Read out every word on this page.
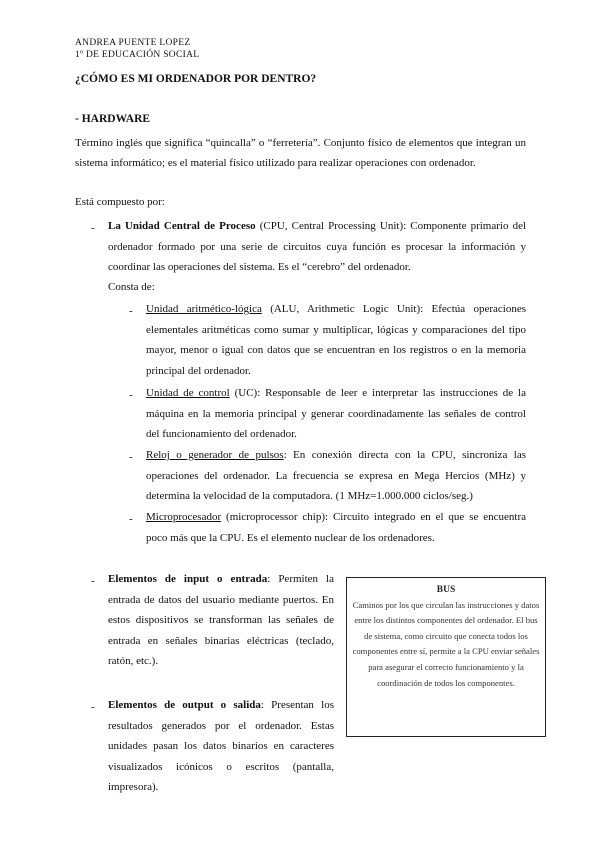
ANDREA PUENTE LOPEZ
1º DE EDUCACIÓN SOCIAL
¿CÓMO ES MI ORDENADOR POR DENTRO?
- HARDWARE
Término inglés que significa “quincalla” o “ferretería”. Conjunto físico de elementos que integran un sistema informático; es el material físico utilizado para realizar operaciones con ordenador.
Está compuesto por:
- La Unidad Central de Proceso (CPU, Central Processing Unit): Componente primario del ordenador formado por una serie de circuitos cuya función es procesar la información y coordinar las operaciones del sistema. Es el “cerebro” del ordenador.
Consta de:
- Unidad aritmético-lógica (ALU, Arithmetic Logic Unit): Efectúa operaciones elementales aritméticas como sumar y multiplicar, lógicas y comparaciones del tipo mayor, menor o igual con datos que se encuentran en los registros o en la memoria principal del ordenador.
- Unidad de control (UC): Responsable de leer e interpretar las instrucciones de la máquina en la memoria principal y generar coordinadamente las señales de control del funcionamiento del ordenador.
- Reloj o generador de pulsos: En conexión directa con la CPU, sincroniza las operaciones del ordenador. La frecuencia se expresa en Mega Hercios (MHz) y determina la velocidad de la computadora. (1 MHz=1.000.000 ciclos/seg.)
- Microprocesador (microprocessor chip): Circuito integrado en el que se encuentra poco más que la CPU. Es el elemento nuclear de los ordenadores.
- Elementos de input o entrada: Permiten la entrada de datos del usuario mediante puertos. En estos dispositivos se transforman las señales de entrada en señales binarias eléctricas (teclado, ratón, etc.).
- Elementos de output o salida: Presentan los resultados generados por el ordenador. Estas unidades pasan los datos binarios en caracteres visualizados icónicos o escritos (pantalla, impresora).
BUS
Caminos por los que circulan las instrucciones y datos entre los distintos componentes del ordenador. El bus de sistema, como circuito que conecta todos los componentes entre sí, permite a la CPU enviar señales para asegurar el correcto funcionamiento y la coordinación de todos los componentes.
